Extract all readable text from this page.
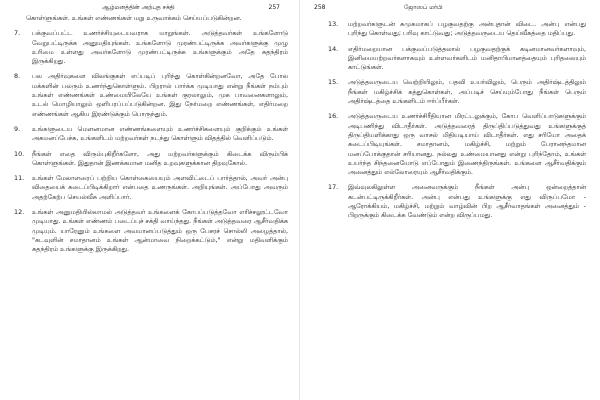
ஆழ்மனத்தின் அற்புத சக்தி	257

கொள்ளுங்கள். உங்கள் எண்ணங்கள் மறு உருவாக்கம் செய்யப்படுகின்றன.

7.	பக்குவப்பட்ட உணர்ச்சியுடையவராக மாறுங்கள். அடுத்தவர்கள் உங்களோடு வேறுபட்டிருக்க அனுமதியுங்கள். உங்களோடு முரண்பட்டிருக்க அவர்களுக்கு முழு உரிமை உள்ளது அவர்களோடு முரண்பட்டிருக்க உங்களுக்கும் அதே சுதந்திரம் இருக்கிறது.
8.	பல அதிர்வுகளை விலங்குகள் எப்படிப் புரிந்து கொள்கின்றனவோ, அதே போல மக்களின் பலரும் உணர்ந்துகொள்ளும். பிறரால் பார்க்க முடியாது என்று நீங்கள் நம்பும் உங்கள் எண்ணங்கள் உண்மையிலேயே உங்கள் குரலாலும், முக பாவனைகளாலும், உடல் மொழியாலும் ஒளிபரப்பப்படுகின்றன. இது நேர்மறை எண்ணங்கள், எதிர்மறை எண்ணங்கள் ஆகிய இரண்டுக்கும் பொருந்தும்.
9.	உங்களுடைய மௌனமான எண்ணங்களையும் உணர்ச்சிகளையும் குறிக்கும் உங்கள் அகமனப்பேச்சு, உங்களிடம் மற்றவர்கள் நடந்து கொள்ளும் விதத்தில் வெளிப்படும்.
10.	நீங்கள் எதை விரும்புகிறீர்களோ, அது மற்றவர்களுக்கும் கிடைக்க விரும்பிக் கொள்ளுங்கள். இதுதான் இணக்கமான மனித உறவுகளுக்கான திறவுகோல்.
11.	உங்கள் மேலாளரைப் பற்றிய கொள்கையையும் அளவிட்டைப் பார்த்தால், அவர் அன்பு விதையைக் கடைப்பிடிக்கிறார் என்பதை உணருங்கள். அறியுங்கள். அப்போது அவரும் அதற்கேற்ப செயல்வீசு அளிப்பார்.
12.	உங்கள் அனுமதியில்லாமல் அடுத்தவர் உங்களைக் கோபப்படுத்தவோ எரிச்சலூட்டவோ முடியாது. உங்கள் எண்ணம் படைப்புச் சக்தி வாய்ந்தது. நீங்கள் அடுத்தவரை ஆசீர்வதிக்க முடியும். யாரேனும் உங்களை அவமானப்படுத்தும் ஒரு பேசரச் சொல்லி அழைத்தால், "கடவுளின் சமாதானம் உங்கள் ஆன்மாவை நிறைக்கட்டும்," என்று மதிவளிக்கும் சுதந்திரம் உங்களுக்கு இருக்கிறது.
258	ஜோஸப் மர்பி
13.	மற்றவர்களுடன் சுமுகமாகப் பழகுவதற்கு அன்புதான் விடை. அன்பு என்பது புரிந்து கொள்வது; பரிவு காட்டுவது; அடுத்தவருடைய தெய்வீகத்தை மதிப்பது.
14.	எதிர்மறையான பக்குவப்படுத்தலால் பழகுவதற்குக் கடினமானவர்களாவும், இனிமையற்றவர்களாகவும் உள்ளவர்களிடம் மனிதாபிமானத்தையும் புரிதலையும் காட்டுங்கள்.
15.	அடுத்தவருடைய வெற்றியிலும், பதவி உயர்விலும், பெரும் அதிர்ஷ்டத்திலும் நீங்கள் மகிழ்ச்சிக் கத்துகொள்கள், அப்படிச் செய்யும்போது நீங்கள் பெரும் அதிர்ஷ்டத்தை உங்களிடம் ஈர்ப்பீர்கள்.
16.	அடுத்தவருடைய உணர்ச்சிரீதியான மிரட்டலுக்கும், கோப வெளிப்பாடுகளுக்கும் அடிபணிந்து விடாதீர்கள். அடுத்தவரைத் திருப்திப்படுத்துவது உங்களுக்குத் திருப்தியளிக்காது ஒரு வாசல் மிதியடியாய் விடாதீர்கள். எது சரியோ அதைக் கடைப்பிடியுங்கள். சமாதானம், மகிழ்ச்சி, மற்றும் பேரானந்தமான மனப்போக்குதான் சரியானது. நல்லது உண்மையானது என்று புரிந்தோம், உங்கள் உயர்ந்த சிந்தனையோடு எப்போதும் இணைந்திருங்கள். உங்களை ஆசீர்வதிக்கும் அனைத்தும் எல்லோரையும் ஆசீர்வதிக்கும்.
17.	இவ்வுலகிலுள்ள அனைவருக்கும் நீங்கள் அன்பு ஒன்றைத்தான் கடன்பட்டிருக்கிறீர்கள். அன்பு என்பது உங்களுக்கு எது விருப்பமோ - ஆரோக்கியம், மகிழ்ச்சி, மற்றும் வாழ்வின் பிற ஆசீர்வாதங்கள் அனைத்தும் - பிறருக்கும் கிடைக்க வேண்டும் என்ற விருப்பமது.
